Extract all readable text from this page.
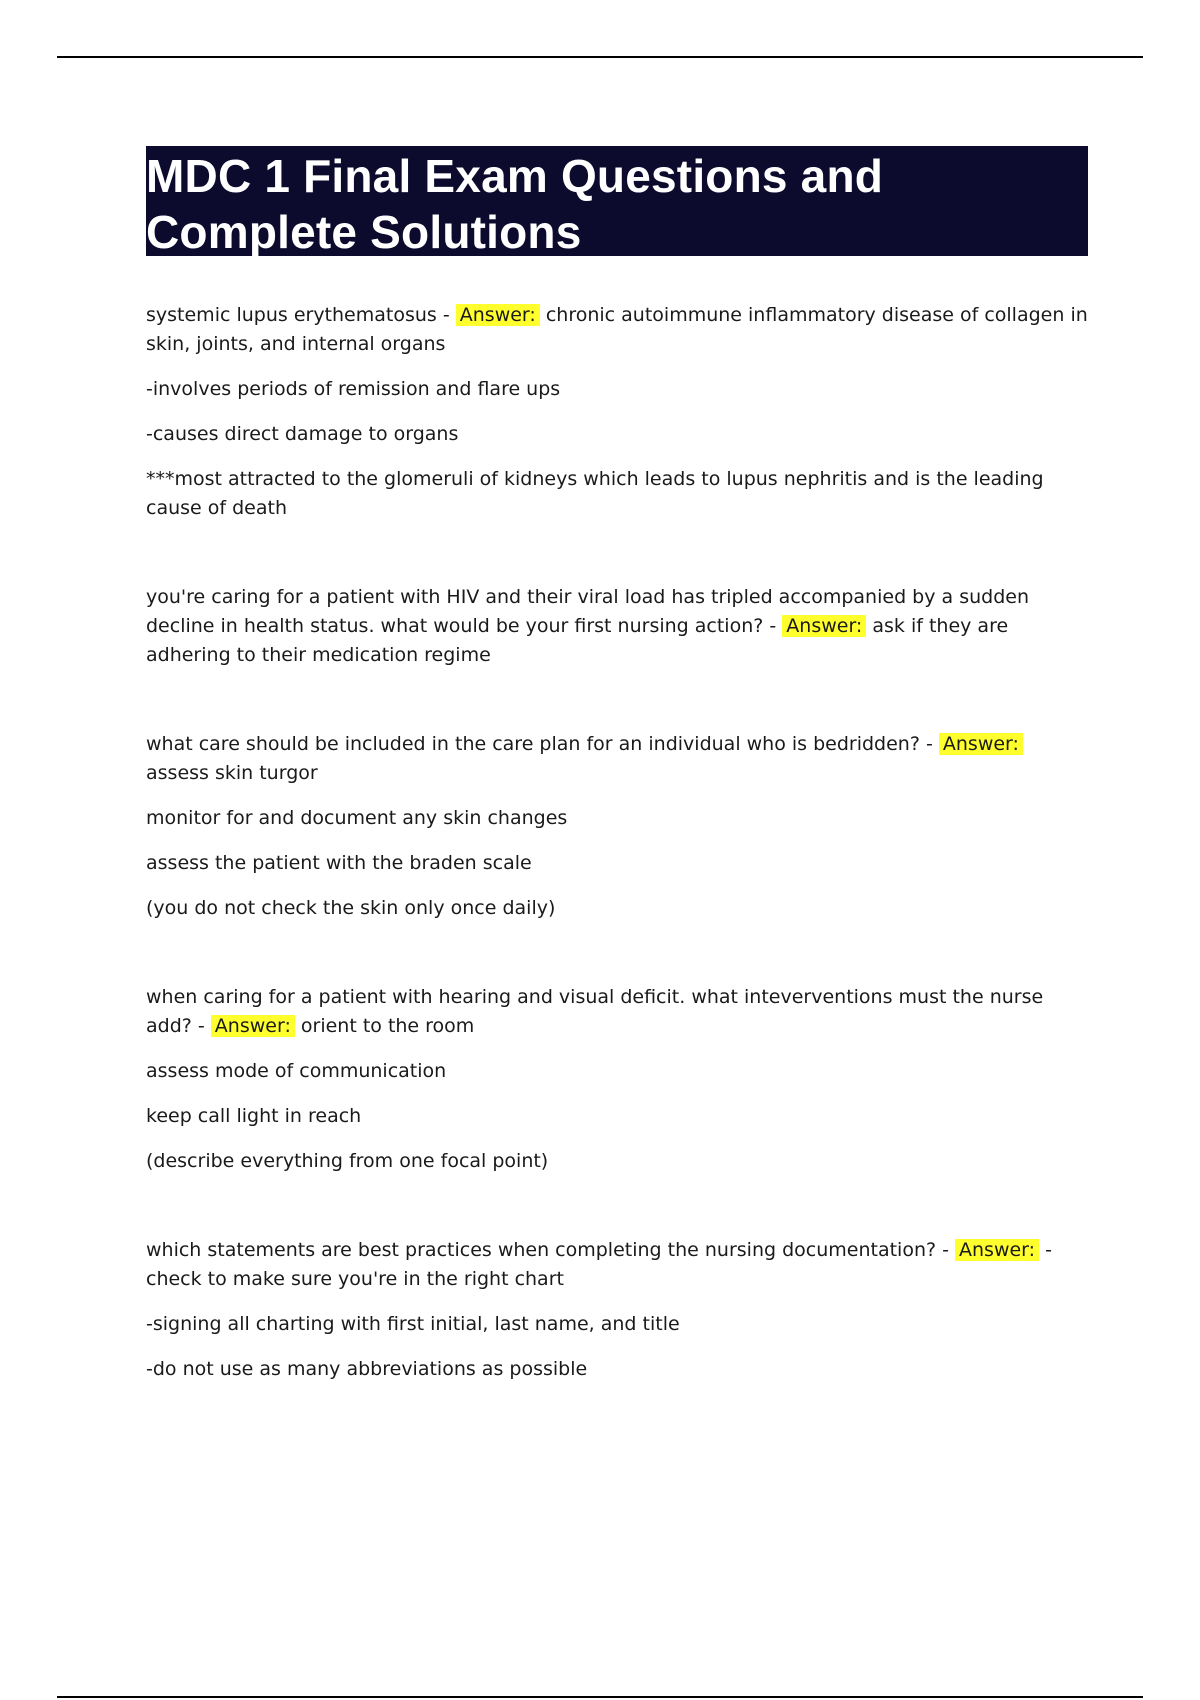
MDC 1 Final Exam Questions and Complete Solutions

systemic lupus erythematosus - Answer: chronic autoimmune inflammatory disease of collagen in skin, joints, and internal organs

-involves periods of remission and flare ups

-causes direct damage to organs

***most attracted to the glomeruli of kidneys which leads to lupus nephritis and is the leading cause of death

you're caring for a patient with HIV and their viral load has tripled accompanied by a sudden decline in health status. what would be your first nursing action? - Answer: ask if they are adhering to their medication regime

what care should be included in the care plan for an individual who is bedridden? - Answer: assess skin turgor

monitor for and document any skin changes

assess the patient with the braden scale

(you do not check the skin only once daily)

when caring for a patient with hearing and visual deficit. what inteverventions must the nurse add? - Answer: orient to the room

assess mode of communication

keep call light in reach

(describe everything from one focal point)

which statements are best practices when completing the nursing documentation? - Answer: -check to make sure you're in the right chart

-signing all charting with first initial, last name, and title

-do not use as many abbreviations as possible
